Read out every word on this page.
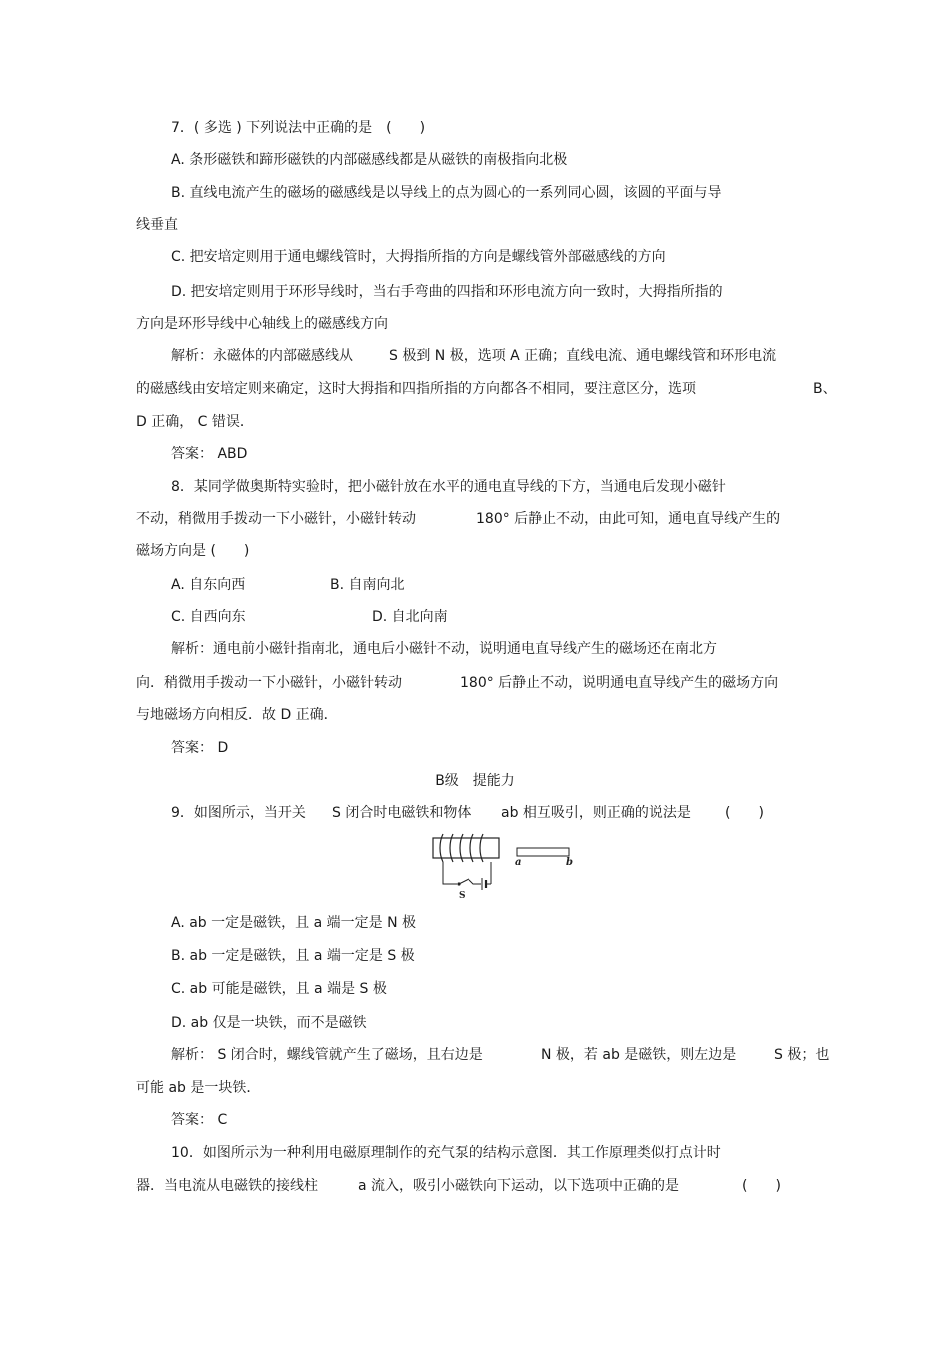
7．( 多选 ) 下列说法中正确的是　(　　)
A. 条形磁铁和蹄形磁铁的内部磁感线都是从磁铁的南极指向北极
B. 直线电流产生的磁场的磁感线是以导线上的点为圆心的一系列同心圆，该圆的平面与导
线垂直
C. 把安培定则用于通电螺线管时，大拇指所指的方向是螺线管外部磁感线的方向
D. 把安培定则用于环形导线时，当右手弯曲的四指和环形电流方向一致时，大拇指所指的
方向是环形导线中心轴线上的磁感线方向
解析：永磁体的内部磁感线从	S 极到 N 极，选项 A 正确；直线电流、通电螺线管和环形电流
的磁感线由安培定则来确定，这时大拇指和四指所指的方向都各不相同，要注意区分，选项	B、
D 正确， C 错误．
答案： ABD
8．某同学做奥斯特实验时，把小磁针放在水平的通电直导线的下方，当通电后发现小磁针
不动，稍微用手拨动一下小磁针，小磁针转动	180° 后静止不动，由此可知，通电直导线产生的
磁场方向是 (　　)
A. 自东向西	B. 自南向北
C. 自西向东	D. 自北向南
解析：通电前小磁针指南北，通电后小磁针不动，说明通电直导线产生的磁场还在南北方
向．稍微用手拨动一下小磁针，小磁针转动	180° 后静止不动，说明通电直导线产生的磁场方向
与地磁场方向相反．故 D 正确．
答案： D
B级　提能力
9．如图所示，当开关 S 闭合时电磁铁和物体 ab 相互吸引，则正确的说法是 (　　)
S
a	b
A. ab 一定是磁铁，且 a 端一定是 N 极
B. ab 一定是磁铁，且 a 端一定是 S 极
C. ab 可能是磁铁，且 a 端是 S 极
D. ab 仅是一块铁，而不是磁铁
解析： S 闭合时，螺线管就产生了磁场，且右边是	N 极，若 ab 是磁铁，则左边是	S 极；也
可能 ab 是一块铁．
答案： C
10．如图所示为一种利用电磁原理制作的充气泵的结构示意图．其工作原理类似打点计时
器．当电流从电磁铁的接线柱	a 流入，吸引小磁铁向下运动，以下选项中正确的是	(　　)
